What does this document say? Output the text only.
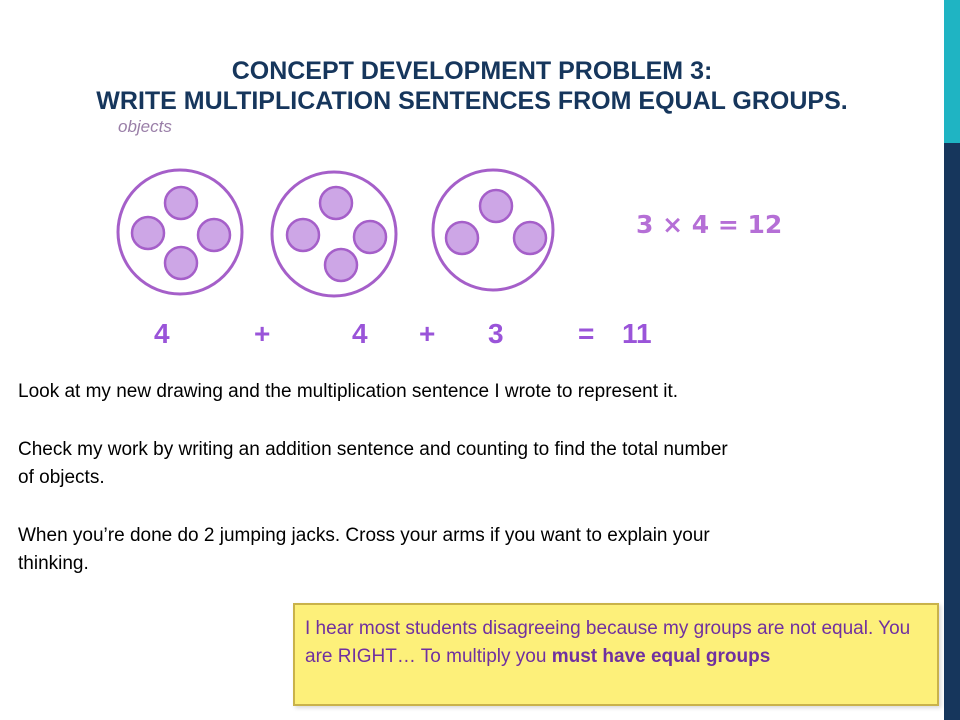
CONCEPT DEVELOPMENT PROBLEM 3:
WRITE MULTIPLICATION SENTENCES FROM EQUAL GROUPS.
objects
3 × 4 = 12
4	+	4 + 3	= 11

Look at my new drawing and the multiplication sentence I wrote to represent it.

Check my work by writing an addition sentence and counting to find the total number of objects.

When you’re done do 2 jumping jacks. Cross your arms if you want to explain your thinking.

I hear most students disagreeing because my groups are not equal. You are RIGHT… To multiply you must have equal groups
